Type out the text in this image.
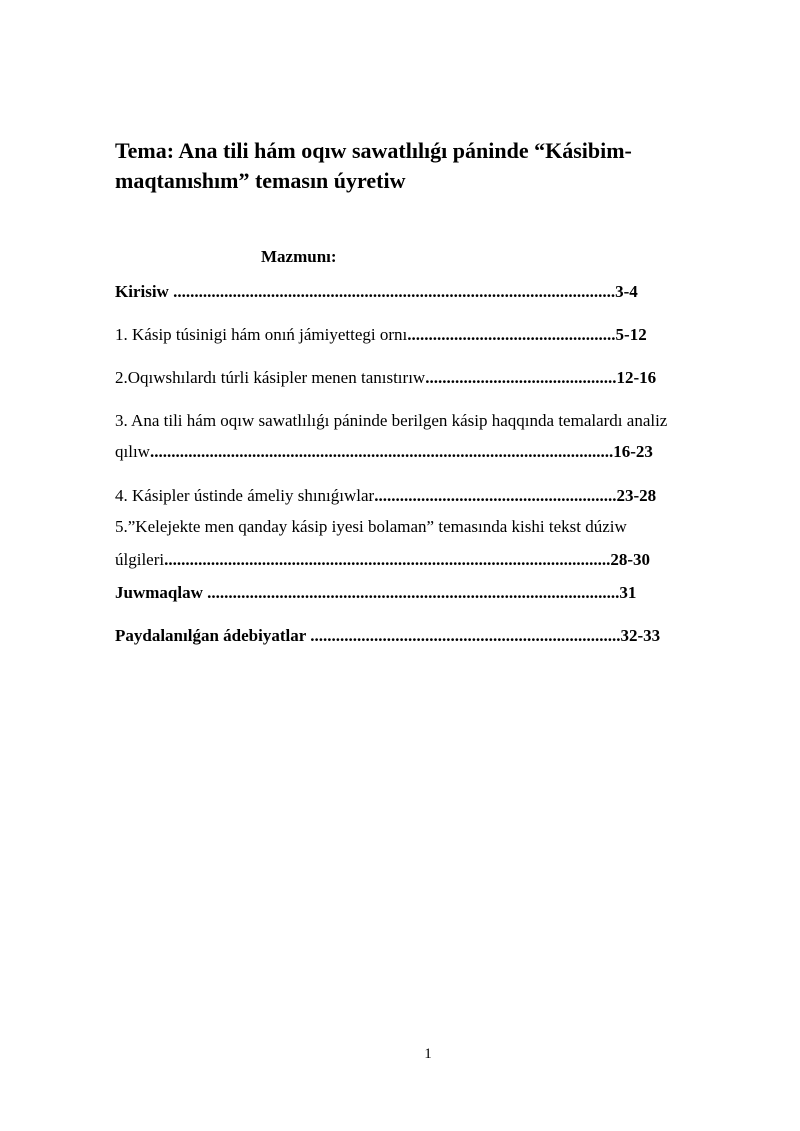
Tema: Ana tili hám oqıw sawatlılıǵı páninde “Kásibim-
maqtanıshım” temasın úyretiw
Mazmunı:
Kirisiw ........................................................................................................3-4
1. Kásip túsinigi hám onıń jámiyettegi ornı.................................................5-12
2.Oqıwshılardı túrli kásipler menen tanıstırıw.............................................12-16
3. Ana tili hám oqıw sawatlılıǵı páninde berilgen kásip haqqında temalardı analiz
qılıw.............................................................................................................16-23
4. Kásipler ústinde ámeliy shınıǵıwlar.........................................................23-28
5.”Kelejekte men qanday kásip iyesi bolaman” temasında kishi tekst dúziw
úlgileri.........................................................................................................28-30
Juwmaqlaw .................................................................................................31
Paydalanılǵan ádebiyatlar .........................................................................32-33
1
